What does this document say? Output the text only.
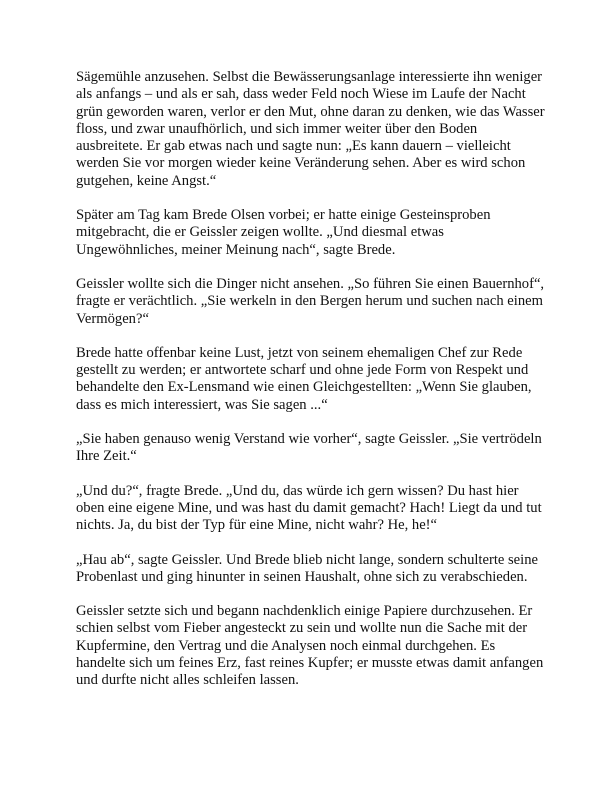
Sägemühle anzusehen. Selbst die Bewässerungsanlage interessierte ihn weniger als anfangs – und als er sah, dass weder Feld noch Wiese im Laufe der Nacht grün geworden waren, verlor er den Mut, ohne daran zu denken, wie das Wasser floss, und zwar unaufhörlich, und sich immer weiter über den Boden ausbreitete. Er gab etwas nach und sagte nun: „Es kann dauern – vielleicht werden Sie vor morgen wieder keine Veränderung sehen. Aber es wird schon gutgehen, keine Angst.“

Später am Tag kam Brede Olsen vorbei; er hatte einige Gesteinsproben mitgebracht, die er Geissler zeigen wollte. „Und diesmal etwas Ungewöhnliches, meiner Meinung nach“, sagte Brede.

Geissler wollte sich die Dinger nicht ansehen. „So führen Sie einen Bauernhof“, fragte er verächtlich. „Sie werkeln in den Bergen herum und suchen nach einem Vermögen?“

Brede hatte offenbar keine Lust, jetzt von seinem ehemaligen Chef zur Rede gestellt zu werden; er antwortete scharf und ohne jede Form von Respekt und behandelte den Ex-Lensmand wie einen Gleichgestellten: „Wenn Sie glauben, dass es mich interessiert, was Sie sagen ...“

„Sie haben genauso wenig Verstand wie vorher“, sagte Geissler. „Sie vertrödeln Ihre Zeit.“

„Und du?“, fragte Brede. „Und du, das würde ich gern wissen? Du hast hier oben eine eigene Mine, und was hast du damit gemacht? Hach! Liegt da und tut nichts. Ja, du bist der Typ für eine Mine, nicht wahr? He, he!“

„Hau ab“, sagte Geissler. Und Brede blieb nicht lange, sondern schulterte seine Probenlast und ging hinunter in seinen Haushalt, ohne sich zu verabschieden.

Geissler setzte sich und begann nachdenklich einige Papiere durchzusehen. Er schien selbst vom Fieber angesteckt zu sein und wollte nun die Sache mit der Kupfermine, den Vertrag und die Analysen noch einmal durchgehen. Es handelte sich um feines Erz, fast reines Kupfer; er musste etwas damit anfangen und durfte nicht alles schleifen lassen.
